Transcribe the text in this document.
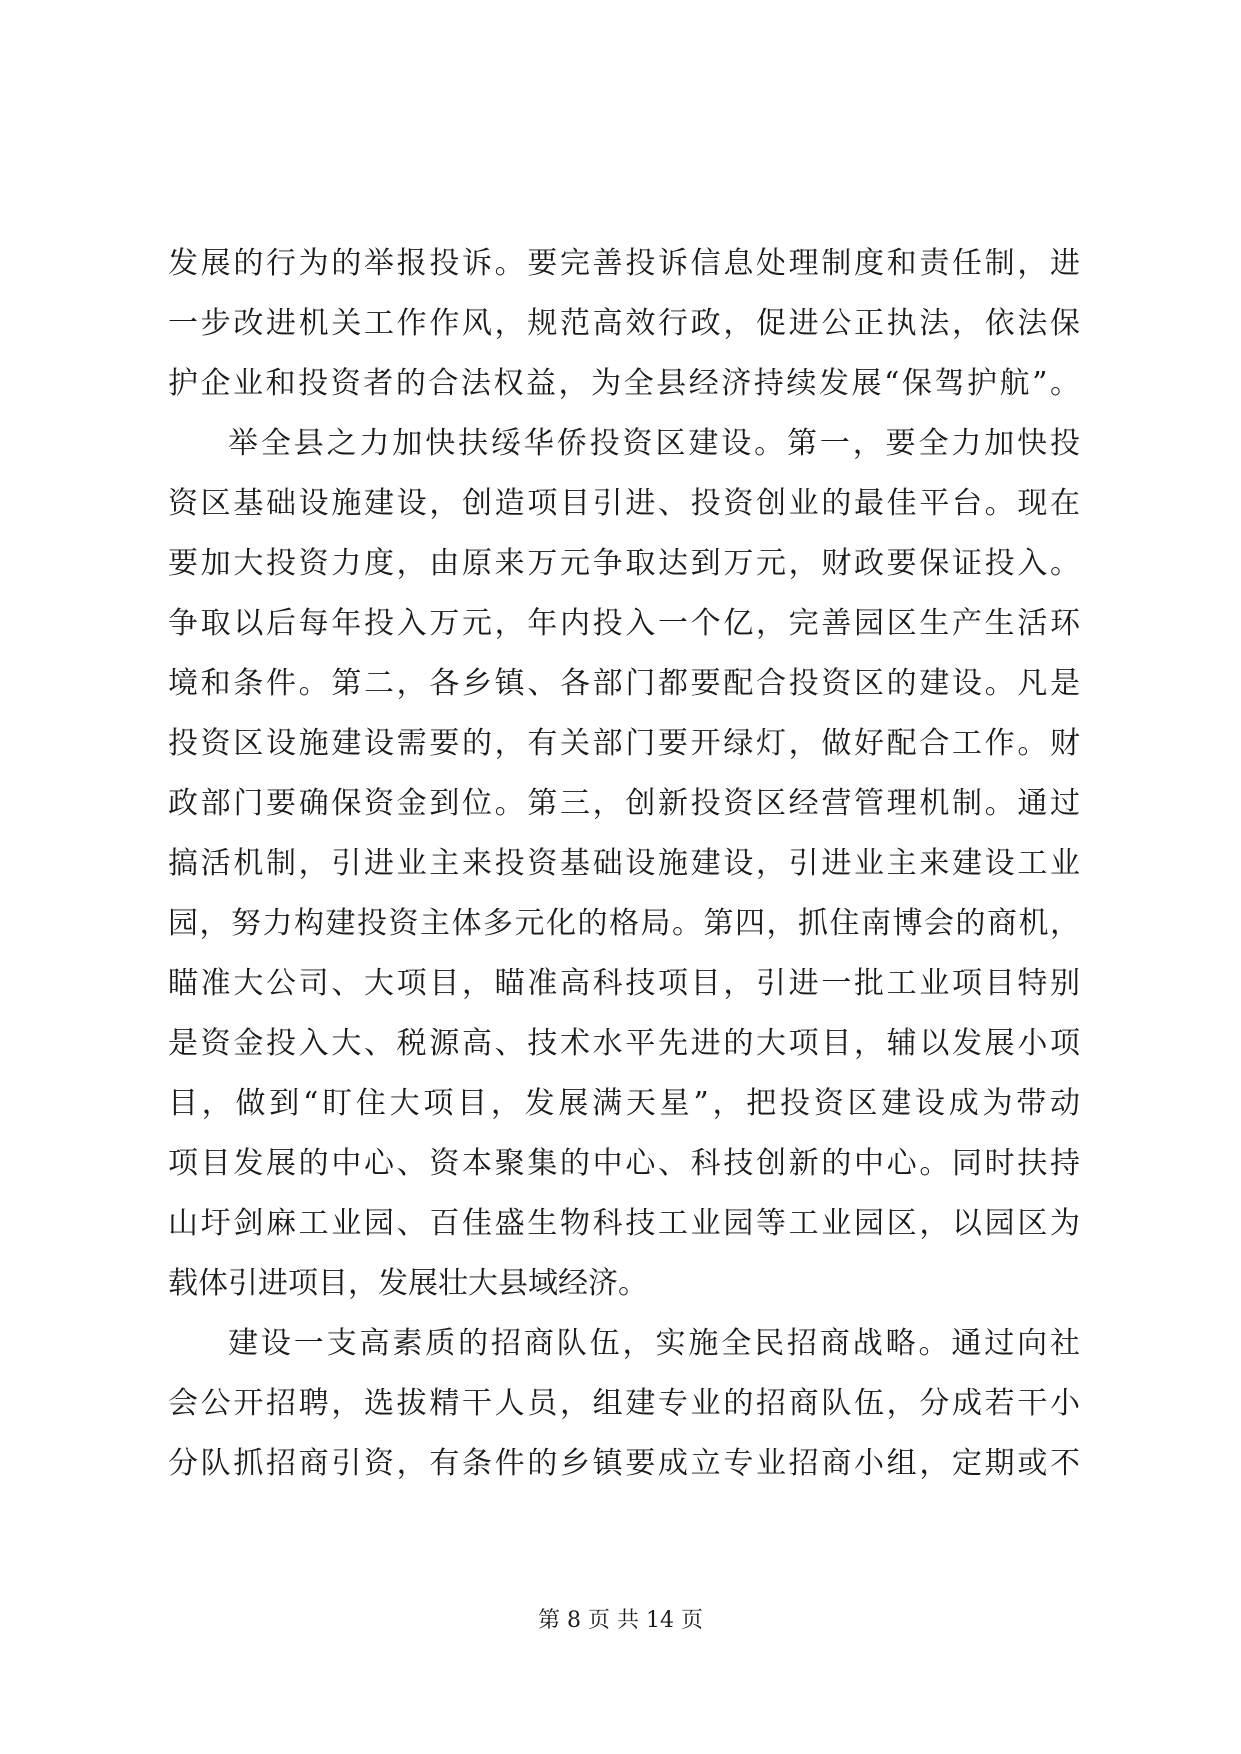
发展的行为的举报投诉。要完善投诉信息处理制度和责任制，进
一步改进机关工作作风，规范高效行政，促进公正执法，依法保
护企业和投资者的合法权益，为全县经济持续发展“保驾护航”。
举全县之力加快扶绥华侨投资区建设。第一，要全力加快投
资区基础设施建设，创造项目引进、投资创业的最佳平台。现在
要加大投资力度，由原来万元争取达到万元，财政要保证投入。
争取以后每年投入万元，年内投入一个亿，完善园区生产生活环
境和条件。第二，各乡镇、各部门都要配合投资区的建设。凡是
投资区设施建设需要的，有关部门要开绿灯，做好配合工作。财
政部门要确保资金到位。第三，创新投资区经营管理机制。通过
搞活机制，引进业主来投资基础设施建设，引进业主来建设工业
园，努力构建投资主体多元化的格局。第四，抓住南博会的商机，
瞄准大公司、大项目，瞄准高科技项目，引进一批工业项目特别
是资金投入大、税源高、技术水平先进的大项目，辅以发展小项
目，做到“盯住大项目，发展满天星”，把投资区建设成为带动
项目发展的中心、资本聚集的中心、科技创新的中心。同时扶持
山圩剑麻工业园、百佳盛生物科技工业园等工业园区，以园区为
载体引进项目，发展壮大县域经济。
建设一支高素质的招商队伍，实施全民招商战略。通过向社
会公开招聘，选拔精干人员，组建专业的招商队伍，分成若干小
分队抓招商引资，有条件的乡镇要成立专业招商小组，定期或不
第 8 页 共 14 页
